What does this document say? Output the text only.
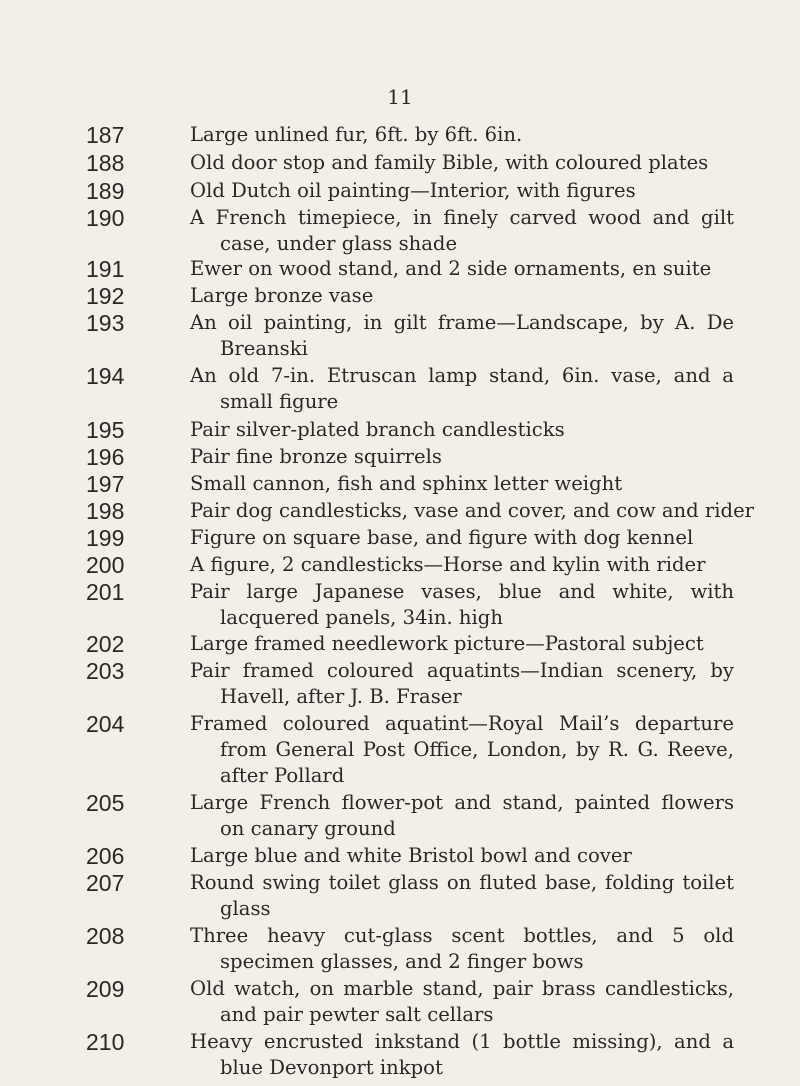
11
187	Large unlined fur, 6ft. by 6ft. 6in.
188	Old door stop and family Bible, with coloured plates
189	Old Dutch oil painting—Interior, with figures
190	A French timepiece, in finely carved wood and gilt case, under glass shade
191	Ewer on wood stand, and 2 side ornaments, en suite
192	Large bronze vase
193	An oil painting, in gilt frame—Landscape, by A. De Breanski
194	An old 7-in. Etruscan lamp stand, 6in. vase, and a small figure
195	Pair silver-plated branch candlesticks
196	Pair fine bronze squirrels
197	Small cannon, fish and sphinx letter weight
198	Pair dog candlesticks, vase and cover, and cow and rider
199	Figure on square base, and figure with dog kennel
200	A figure, 2 candlesticks—Horse and kylin with rider
201	Pair large Japanese vases, blue and white, with lacquered panels, 34in. high
202	Large framed needlework picture—Pastoral subject
203	Pair framed coloured aquatints—Indian scenery, by Havell, after J. B. Fraser
204	Framed coloured aquatint—Royal Mail’s departure from General Post Office, London, by R. G. Reeve, after Pollard
205	Large French flower-pot and stand, painted flowers on canary ground
206	Large blue and white Bristol bowl and cover
207	Round swing toilet glass on fluted base, folding toilet glass
208	Three heavy cut-glass scent bottles, and 5 old specimen glasses, and 2 finger bows
209	Old watch, on marble stand, pair brass candlesticks, and pair pewter salt cellars
210	Heavy encrusted inkstand (1 bottle missing), and a blue Devonport inkpot
